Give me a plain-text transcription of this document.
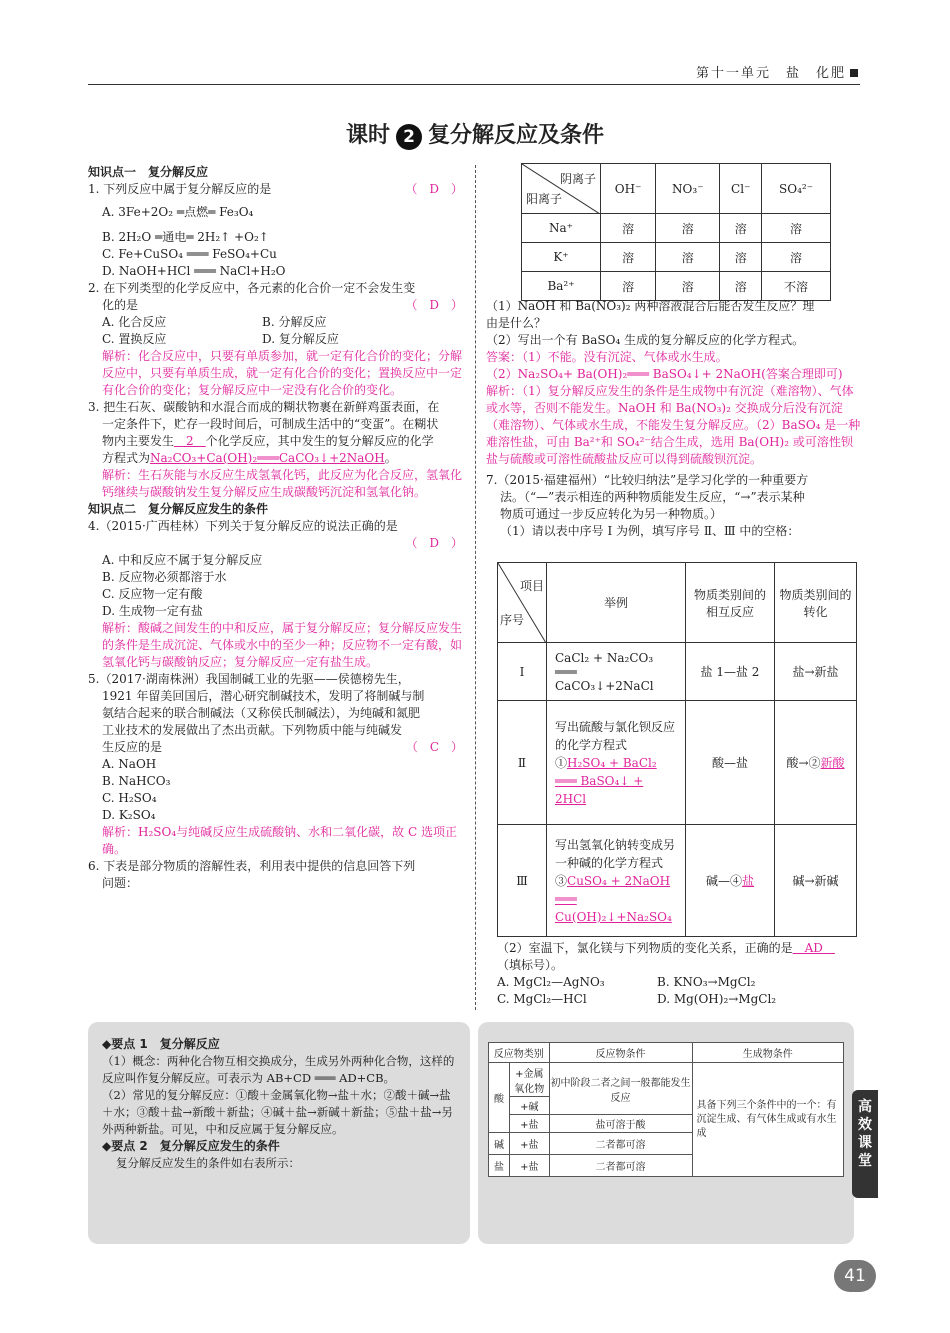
第十一单元　盐　化肥
课时 2 复分解反应及条件

知识点一　复分解反应

1. 下列反应中属于复分解反应的是	（　D　）

A. 3Fe+2O₂ ═点燃═ Fe₃O₄

B. 2H₂O ═通电═ 2H₂↑ +O₂↑

C. Fe+CuSO₄ ═══ FeSO₄+Cu

D. NaOH+HCl ═══ NaCl+H₂O

2. 在下列类型的化学反应中，各元素的化合价一定不会发生变

化的是	（　D　）

A. 化合反应	B. 分解反应

C. 置换反应	D. 复分解反应

解析：化合反应中，只要有单质参加，就一定有化合价的变化；分解反应中，只要有单质生成，就一定有化合价的变化；置换反应中一定有化合价的变化；复分解反应中一定没有化合价的变化。

3. 把生石灰、碳酸钠和水混合而成的糊状物裹在新鲜鸡蛋表面，在

一定条件下，贮存一段时间后，可制成生活中的“变蛋”。在糊状

物内主要发生　2　个化学反应，其中发生的复分解反应的化学

方程式为Na₂CO₃+Ca(OH)₂═══CaCO₃↓+2NaOH。

解析：生石灰能与水反应生成氢氧化钙，此反应为化合反应，氢氧化钙继续与碳酸钠发生复分解反应生成碳酸钙沉淀和氢氧化钠。

知识点二　复分解反应发生的条件

4.（2015·广西桂林）下列关于复分解反应的说法正确的是

（　D　）

A. 中和反应不属于复分解反应

B. 反应物必须都溶于水

C. 反应物一定有酸

D. 生成物一定有盐

解析：酸碱之间发生的中和反应，属于复分解反应；复分解反应发生的条件是生成沉淀、气体或水中的至少一种；反应物不一定有酸，如氢氧化钙与碳酸钠反应；复分解反应一定有盐生成。

5.（2017·湖南株洲）我国制碱工业的先驱——侯德榜先生，

1921 年留美回国后，潜心研究制碱技术，发明了将制碱与制

氨结合起来的联合制碱法（又称侯氏制碱法），为纯碱和氮肥

工业技术的发展做出了杰出贡献。下列物质中能与纯碱发

生反应的是	（　C　）

A. NaOH

B. NaHCO₃

C. H₂SO₄

D. K₂SO₄

解析：H₂SO₄与纯碱反应生成硫酸钠、水和二氧化碳，故 C 选项正确。

6. 下表是部分物质的溶解性表，利用表中提供的信息回答下列

问题：

阴离子
阳离子	OH⁻	NO₃⁻	Cl⁻	SO₄²⁻
Na⁺	溶	溶	溶	溶
K⁺	溶	溶	溶	溶
Ba²⁺	溶	溶	溶	不溶

（1）NaOH 和 Ba(NO₃)₂ 两种溶液混合后能否发生反应？理

由是什么？

（2）写出一个有 BaSO₄ 生成的复分解反应的化学方程式。

答案：（1）不能。没有沉淀、气体或水生成。

（2）Na₂SO₄+ Ba(OH)₂═══ BaSO₄↓+ 2NaOH(答案合理即可)

解析：（1）复分解反应发生的条件是生成物中有沉淀（难溶物）、气体或水等，否则不能发生。NaOH 和 Ba(NO₃)₂ 交换成分后没有沉淀（难溶物）、气体或水生成，不能发生复分解反应。（2）BaSO₄ 是一种难溶性盐，可由 Ba²⁺和 SO₄²⁻结合生成，选用 Ba(OH)₂ 或可溶性钡盐与硫酸或可溶性硫酸盐反应可以得到硫酸钡沉淀。

7.（2015·福建福州）“比较归纳法”是学习化学的一种重要方

法。（“—”表示相连的两种物质能发生反应，“→”表示某种

物质可通过一步反应转化为另一种物质。）

（1）请以表中序号 Ⅰ 为例，填写序号 Ⅱ、Ⅲ 中的空格：

项目
序号	举例	物质类别间的相互反应	物质类别间的转化
Ⅰ	CaCl₂ + Na₂CO₃ ═══ CaCO₃↓+2NaCl	盐 1—盐 2	盐→新盐
Ⅱ	写出硫酸与氯化钡反应的化学方程式①H₂SO₄ + BaCl₂ ═══ BaSO₄↓ + 2HCl	酸—盐	酸→②新酸
Ⅲ	写出氢氧化钠转变成另一种碱的化学方程式③CuSO₄ + 2NaOH ═══ Cu(OH)₂↓+Na₂SO₄	碱—④盐	碱→新碱

（2）室温下，氯化镁与下列物质的变化关系，正确的是　AD　

（填标号）。

A. MgCl₂—AgNO₃	B. KNO₃→MgCl₂

C. MgCl₂—HCl	D. Mg(OH)₂→MgCl₂

◆要点 1　复分解反应

（1）概念：两种化合物互相交换成分，生成另外两种化合物，这样的反应叫作复分解反应。可表示为 AB+CD ═══ AD+CB。

（2）常见的复分解反应：①酸＋金属氧化物→盐＋水；②酸＋碱→盐＋水；③酸＋盐→新酸＋新盐；④碱＋盐→新碱＋新盐；⑤盐＋盐→另外两种新盐。可见，中和反应属于复分解反应。

◆要点 2　复分解反应发生的条件

复分解反应发生的条件如右表所示：

反应物类别		反应物条件	生成物条件
酸	+金属氧化物	初中阶段二者之间一般都能发生反应	具备下列三个条件中的一个：有沉淀生成、有气体生成或有水生成
	+碱		
	+盐	盐可溶于酸	
碱	+盐	二者都可溶	
盐	+盐	二者都可溶	
高效课堂
41
